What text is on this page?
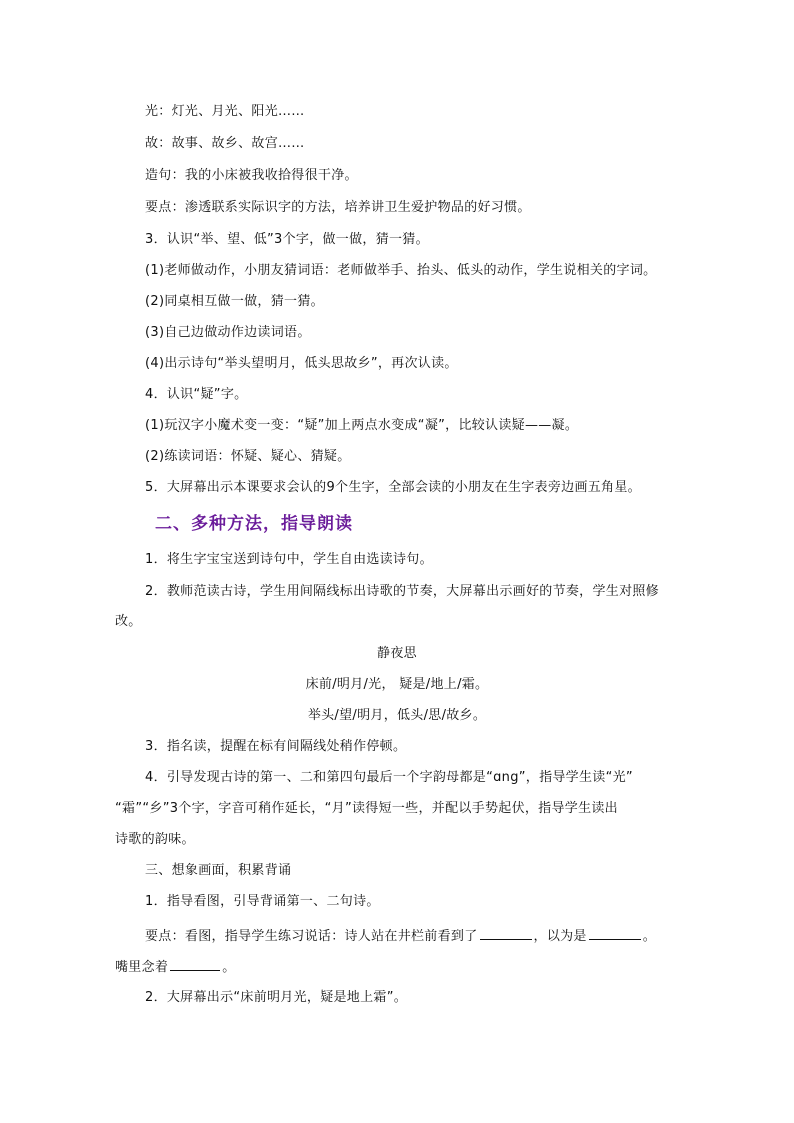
光：灯光、月光、阳光……
故：故事、故乡、故宫……
造句：我的小床被我收拾得很干净。
要点：渗透联系实际识字的方法，培养讲卫生爱护物品的好习惯。
3．认识“举、望、低”3个字，做一做，猜一猜。
(1)老师做动作，小朋友猜词语：老师做举手、抬头、低头的动作，学生说相关的字词。
(2)同桌相互做一做，猜一猜。
(3)自己边做动作边读词语。
(4)出示诗句“举头望明月，低头思故乡”，再次认读。
4．认识“疑”字。
(1)玩汉字小魔术变一变：“疑”加上两点水变成“凝”，比较认读疑——凝。
(2)练读词语：怀疑、疑心、猜疑。
5．大屏幕出示本课要求会认的9个生字，全部会读的小朋友在生字表旁边画五角星。
二、多种方法，指导朗读
1．将生字宝宝送到诗句中，学生自由选读诗句。
2．教师范读古诗，学生用间隔线标出诗歌的节奏，大屏幕出示画好的节奏，学生对照修
改。
静夜思
床前/明月/光， 疑是/地上/霜。
举头/望/明月，低头/思/故乡。
3．指名读，提醒在标有间隔线处稍作停顿。
4．引导发现古诗的第一、二和第四句最后一个字韵母都是“ɑng”，指导学生读“光”
“霜”“乡”3个字，字音可稍作延长，“月”读得短一些，并配以手势起伏，指导学生读出
诗歌的韵味。
三、想象画面，积累背诵
1．指导看图，引导背诵第一、二句诗。
要点：看图，指导学生练习说话：诗人站在井栏前看到了	，以为是	。
嘴里念着	。
2．大屏幕出示“床前明月光，疑是地上霜”。
